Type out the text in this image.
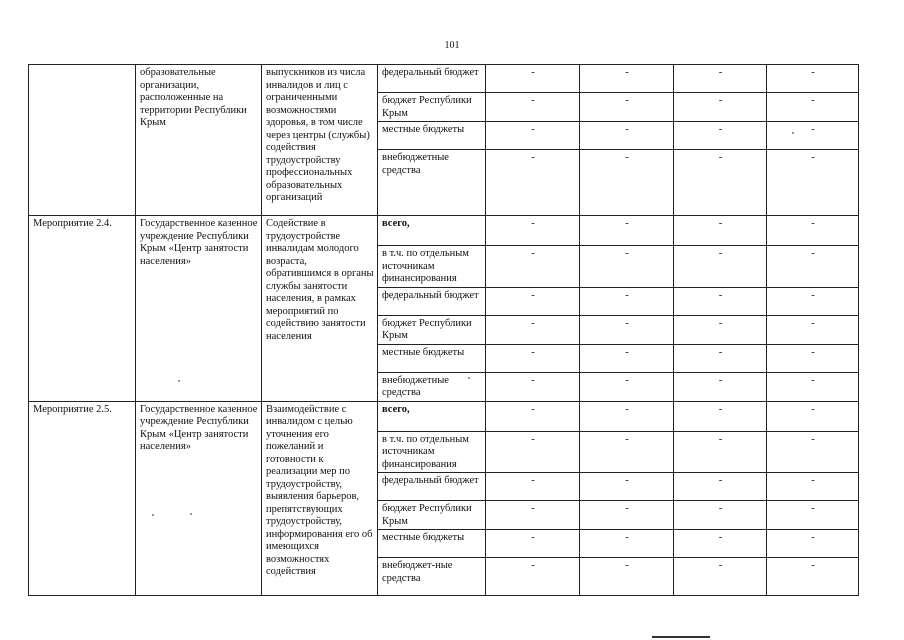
101
	образовательные организации, расположенные на территории Республики Крым	выпускников из числа инвалидов и лиц с ограниченными возможностями здоровья, в том числе через центры (службы) содействия трудоустройству профессиональных образовательных организаций	федеральный бюджет	-	-	-	-
			бюджет Республики Крым	-	-	-	-
			местные бюджеты	-	-	-	-
			внебюджетные средства	-	-	-	-
Мероприятие 2.4.	Государственное казенное учреждение Республики Крым «Центр занятости населения»	Содействие в трудоустройстве инвалидам молодого возраста, обратившимся в органы службы занятости населения, в рамках мероприятий по содействию занятости населения	всего,	-	-	-	-
			в т.ч. по отдельным источникам финансирования	-	-	-	-
			федеральный бюджет	-	-	-	-
			бюджет Республики Крым	-	-	-	-
			местные бюджеты	-	-	-	-
			внебюджетные средства	-	-	-	-
Мероприятие 2.5.	Государственное казенное учреждение Республики Крым «Центр занятости населения»	Взаимодействие с инвалидом с целью уточнения его пожеланий и готовности к реализации мер по трудоустройству, выявления барьеров, препятствующих трудоустройству, информирования его об имеющихся возможностях содействия	всего,	-	-	-	-
			в т.ч. по отдельным источникам финансирования	-	-	-	-
			федеральный бюджет	-	-	-	-
			бюджет Республики Крым	-	-	-	-
			местные бюджеты	-	-	-	-
			внебюджет-ные средства	-	-	-	-
